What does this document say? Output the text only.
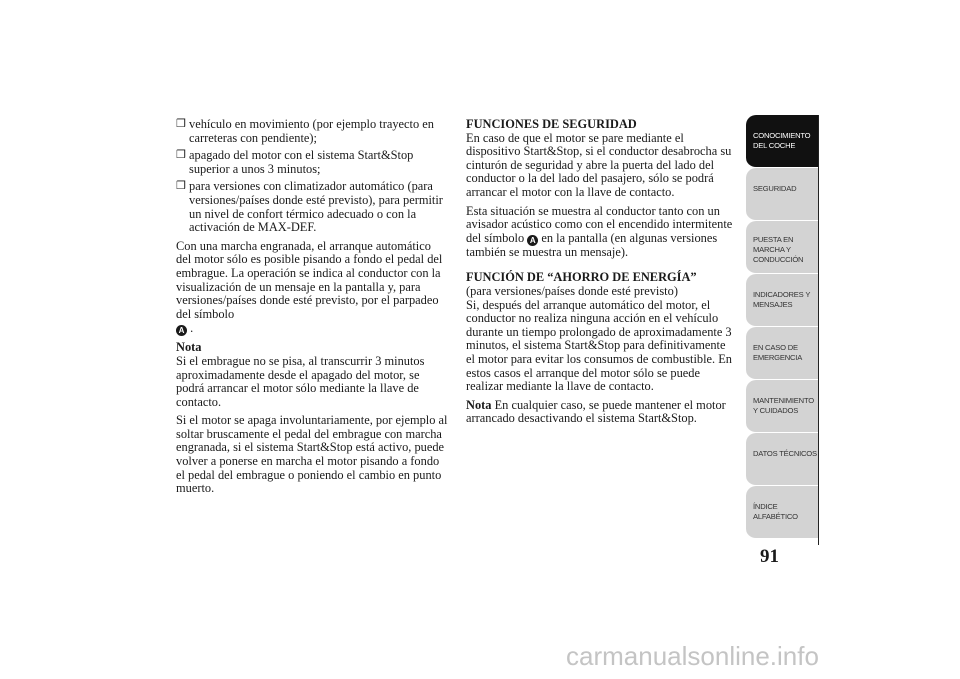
❒ vehículo en movimiento (por ejemplo trayecto en carreteras con pendiente);
❒ apagado del motor con el sistema Start&Stop superior a unos 3 minutos;
❒ para versiones con climatizador automático (para versiones/países donde esté previsto), para permitir un nivel de confort térmico adecuado o con la activación de MAX-DEF.

Con una marcha engranada, el arranque automático del motor sólo es posible pisando a fondo el pedal del embrague. La operación se indica al conductor con la visualización de un mensaje en la pantalla y, para versiones/países donde esté previsto, por el parpadeo del símbolo
A .

Nota

Si el embrague no se pisa, al transcurrir 3 minutos aproximadamente desde el apagado del motor, se podrá arrancar el motor sólo mediante la llave de contacto.

Si el motor se apaga involuntariamente, por ejemplo al soltar bruscamente el pedal del embrague con marcha engranada, si el sistema Start&Stop está activo, puede volver a ponerse en marcha el motor pisando a fondo el pedal del embrague o poniendo el cambio en punto muerto.

FUNCIONES DE SEGURIDAD

En caso de que el motor se pare mediante el dispositivo Start&Stop, si el conductor desabrocha su cinturón de seguridad y abre la puerta del lado del conductor o la del lado del pasajero, sólo se podrá arrancar el motor con la llave de contacto.

Esta situación se muestra al conductor tanto con un avisador acústico como con el encendido intermitente del símbolo A en la pantalla (en algunas versiones también se muestra un mensaje).

FUNCIÓN DE “AHORRO DE ENERGÍA”

(para versiones/países donde esté previsto)

Si, después del arranque automático del motor, el conductor no realiza ninguna acción en el vehículo durante un tiempo prolongado de aproximadamente 3 minutos, el sistema Start&Stop para definitivamente el motor para evitar los consumos de combustible. En estos casos el arranque del motor sólo se puede realizar mediante la llave de contacto.

Nota En cualquier caso, se puede mantener el motor arrancado desactivando el sistema Start&Stop.

CONOCIMIENTO DEL COCHE
SEGURIDAD
PUESTA EN MARCHA Y CONDUCCIÓN
INDICADORES Y MENSAJES
EN CASO DE EMERGENCIA
MANTENIMIENTO Y CUIDADOS
DATOS TÉCNICOS
ÍNDICE ALFABÉTICO
91
carmanualsonline.info
